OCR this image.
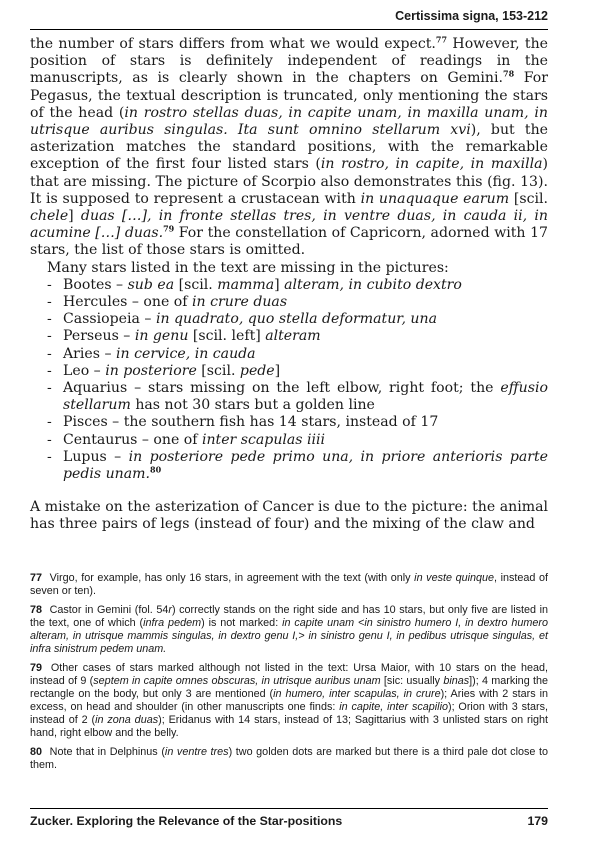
Certissima signa, 153-212

the number of stars differs from what we would expect.$^{77}$ However, the position of stars is definitely independent of readings in the manuscripts, as is clearly shown in the chapters on Gemini.$^{78}$ For Pegasus, the textual description is truncated, only mentioning the stars of the head (in rostro stellas duas, in capite unam, in maxilla unam, in utrisque auribus singulas. Ita sunt omnino stellarum xvi), but the asterization matches the standard positions, with the remarkable exception of the first four listed stars (in rostro, in capite, in maxilla) that are missing. The picture of Scorpio also demonstrates this (fig. 13). It is supposed to represent a crustacean with in unaquaque earum [scil. chele] duas […], in fronte stellas tres, in ventre duas, in cauda ii, in acumine […] duas.$^{79}$ For the constellation of Capricorn, adorned with 17 stars, the list of those stars is omitted.

Many stars listed in the text are missing in the pictures:

- Bootes – sub ea [scil. mamma] alteram, in cubito dextro
- Hercules – one of in crure duas
- Cassiopeia – in quadrato, quo stella deformatur, una
- Perseus – in genu [scil. left] alteram
- Aries – in cervice, in cauda
- Leo – in posteriore [scil. pede]
- Aquarius – stars missing on the left elbow, right foot; the effusio stellarum has not 30 stars but a golden line
- Pisces – the southern fish has 14 stars, instead of 17
- Centaurus – one of inter scapulas iiii
- Lupus – in posteriore pede primo una, in priore anterioris parte pedis unam.$^{80}$

A mistake on the asterization of Cancer is due to the picture: the animal has three pairs of legs (instead of four) and the mixing of the claw and

77 Virgo, for example, has only 16 stars, in agreement with the text (with only in veste quinque, instead of seven or ten).

78 Castor in Gemini (fol. 54r) correctly stands on the right side and has 10 stars, but only five are listed in the text, one of which (infra pedem) is not marked: in capite unam <in sinistro humero I, in dextro humero alteram, in utrisque mammis singulas, in dextro genu I,> in sinistro genu I, in pedibus utrisque singulas, et infra sinistrum pedem unam.

79 Other cases of stars marked although not listed in the text: Ursa Maior, with 10 stars on the head, instead of 9 (septem in capite omnes obscuras, in utrisque auribus unam [sic: usually binas]); 4 marking the rectangle on the body, but only 3 are mentioned (in humero, inter scapulas, in crure); Aries with 2 stars in excess, on head and shoulder (in other manuscripts one finds: in capite, inter scapilio); Orion with 3 stars, instead of 2 (in zona duas); Eridanus with 14 stars, instead of 13; Sagittarius with 3 unlisted stars on right hand, right elbow and the belly.

80 Note that in Delphinus (in ventre tres) two golden dots are marked but there is a third pale dot close to them.

Zucker. Exploring the Relevance of the Star-positions	179
